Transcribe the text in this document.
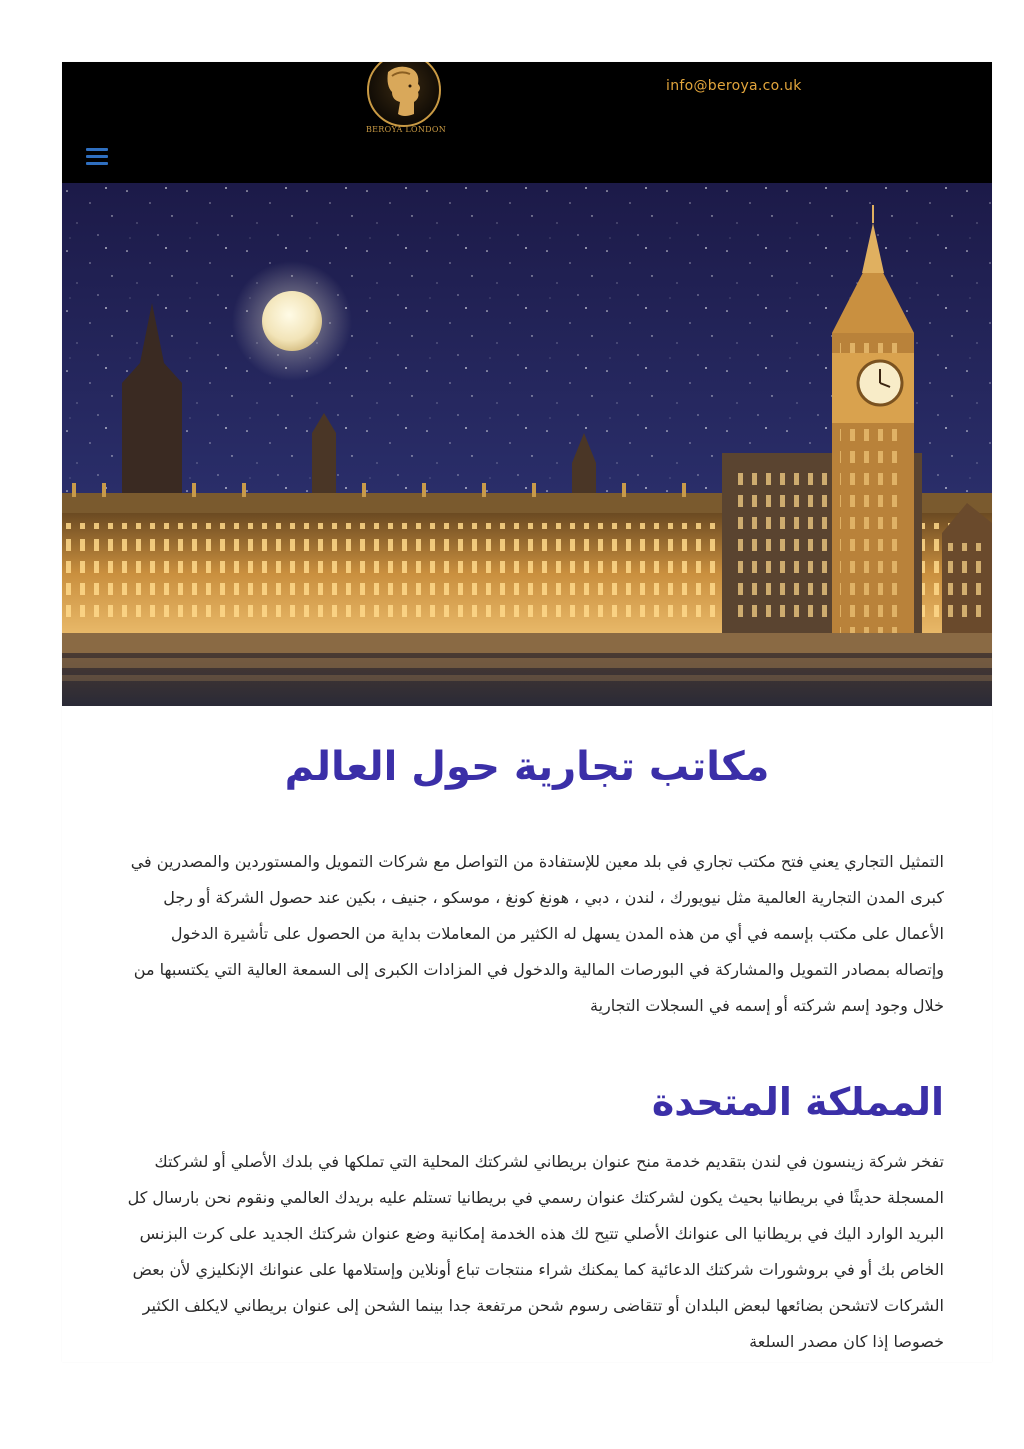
BEROYA LONDON
info@beroya.co.uk
مكاتب تجارية حول العالم

التمثيل التجاري يعني فتح مكتب تجاري في بلد معين للإستفادة من التواصل مع شركات التمويل والمستوردين والمصدرين في كبرى المدن التجارية العالمية مثل نيويورك ، لندن ، دبي ، هونغ كونغ ، موسكو ، جنيف ، بكين عند حصول الشركة أو رجل الأعمال على مكتب بإسمه في أي من هذه المدن يسهل له الكثير من المعاملات بداية من الحصول على تأشيرة الدخول وإتصاله بمصادر التمويل والمشاركة في البورصات المالية والدخول في المزادات الكبرى إلى السمعة العالية التي يكتسبها من خلال وجود إسم شركته أو إسمه في السجلات التجارية

المملكة المتحدة

تفخر شركة زينسون في لندن بتقديم خدمة منح عنوان بريطاني لشركتك المحلية التي تملكها في بلدك الأصلي أو لشركتك المسجلة حديثًا في بريطانيا بحيث يكون لشركتك عنوان رسمي في بريطانيا تستلم عليه بريدك العالمي ونقوم نحن بارسال كل البريد الوارد اليك في بريطانيا الى عنوانك الأصلي تتيح لك هذه الخدمة إمكانية وضع عنوان شركتك الجديد على كرت البزنس الخاص بك أو في بروشورات شركتك الدعائية كما يمكنك شراء منتجات تباع أونلاين وإستلامها على عنوانك الإنكليزي لأن بعض الشركات لاتشحن بضائعها لبعض البلدان أو تتقاضى رسوم شحن مرتفعة جدا بينما الشحن إلى عنوان بريطاني لايكلف الكثير خصوصا إذا كان مصدر السلعة
